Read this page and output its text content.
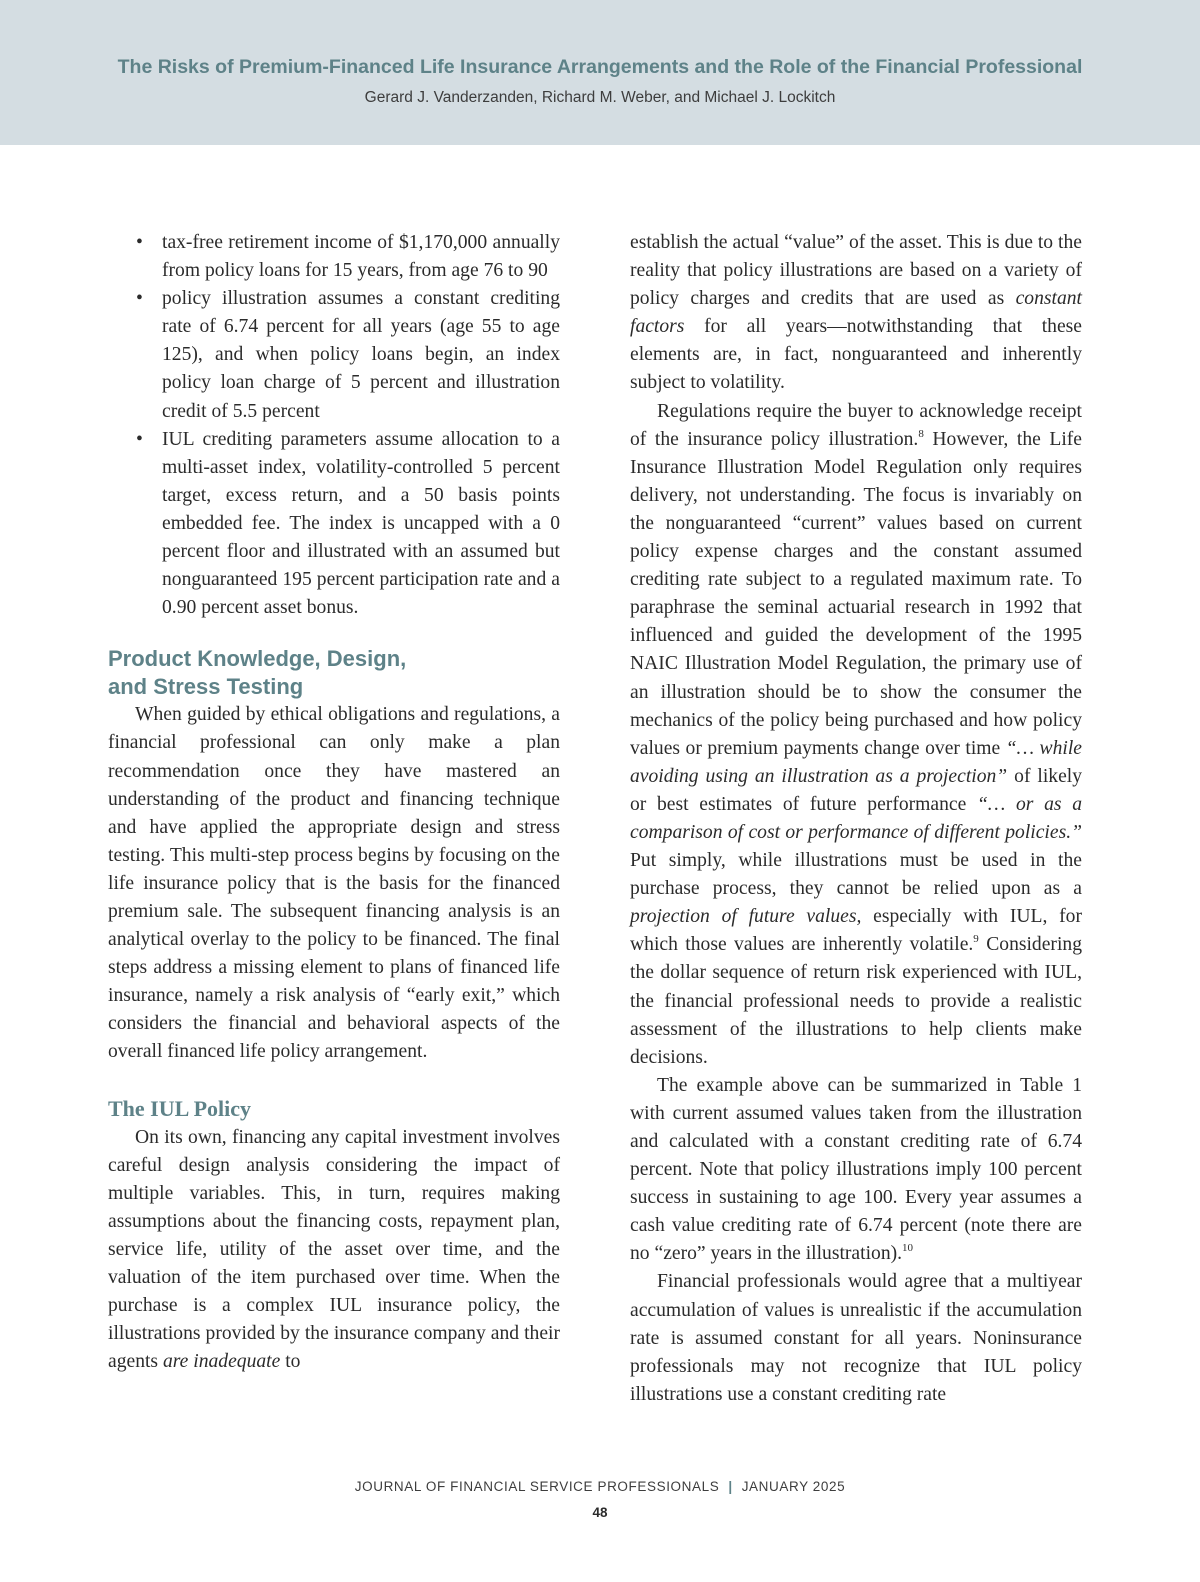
The Risks of Premium-Financed Life Insurance Arrangements and the Role of the Financial Professional
Gerard J. Vanderzanden, Richard M. Weber, and Michael J. Lockitch
• tax-free retirement income of $1,170,000 annually from policy loans for 15 years, from age 76 to 90
• policy illustration assumes a constant crediting rate of 6.74 percent for all years (age 55 to age 125), and when policy loans begin, an index policy loan charge of 5 percent and illustration credit of 5.5 percent
• IUL crediting parameters assume allocation to a multi-asset index, volatility-controlled 5 percent target, excess return, and a 50 basis points embedded fee. The index is uncapped with a 0 percent floor and illustrated with an assumed but nonguaranteed 195 percent participation rate and a 0.90 percent asset bonus.
Product Knowledge, Design,
and Stress Testing

When guided by ethical obligations and regulations, a financial professional can only make a plan recommendation once they have mastered an understanding of the product and financing technique and have applied the appropriate design and stress testing. This multi-step process begins by focusing on the life insurance policy that is the basis for the financed premium sale. The subsequent financing analysis is an analytical overlay to the policy to be financed. The final steps address a missing element to plans of financed life insurance, namely a risk analysis of “early exit,” which considers the financial and behavioral aspects of the overall financed life policy arrangement.

The IUL Policy

On its own, financing any capital investment involves careful design analysis considering the impact of multiple variables. This, in turn, requires making assumptions about the financing costs, repayment plan, service life, utility of the asset over time, and the valuation of the item purchased over time. When the purchase is a complex IUL insurance policy, the illustrations provided by the insurance company and their agents are inadequate to

establish the actual “value” of the asset. This is due to the reality that policy illustrations are based on a variety of policy charges and credits that are used as constant factors for all years—notwithstanding that these elements are, in fact, nonguaranteed and inherently subject to volatility.

Regulations require the buyer to acknowledge receipt of the insurance policy illustration.$^8$ However, the Life Insurance Illustration Model Regulation only requires delivery, not understanding. The focus is invariably on the nonguaranteed “current” values based on current policy expense charges and the constant assumed crediting rate subject to a regulated maximum rate. To paraphrase the seminal actuarial research in 1992 that influenced and guided the development of the 1995 NAIC Illustration Model Regulation, the primary use of an illustration should be to show the consumer the mechanics of the policy being purchased and how policy values or premium payments change over time “… while avoiding using an illustration as a projection” of likely or best estimates of future performance “… or as a comparison of cost or performance of different policies.” Put simply, while illustrations must be used in the purchase process, they cannot be relied upon as a projection of future values, especially with IUL, for which those values are inherently volatile.$^9$ Considering the dollar sequence of return risk experienced with IUL, the financial professional needs to provide a realistic assessment of the illustrations to help clients make decisions.

The example above can be summarized in Table 1 with current assumed values taken from the illustration and calculated with a constant crediting rate of 6.74 percent. Note that policy illustrations imply 100 percent success in sustaining to age 100. Every year assumes a cash value crediting rate of 6.74 percent (note there are no “zero” years in the illustration).$^{10}$

Financial professionals would agree that a multiyear accumulation of values is unrealistic if the accumulation rate is assumed constant for all years. Noninsurance professionals may not recognize that IUL policy illustrations use a constant crediting rate

JOURNAL OF FINANCIAL SERVICE PROFESSIONALS | JANUARY 2025
48
